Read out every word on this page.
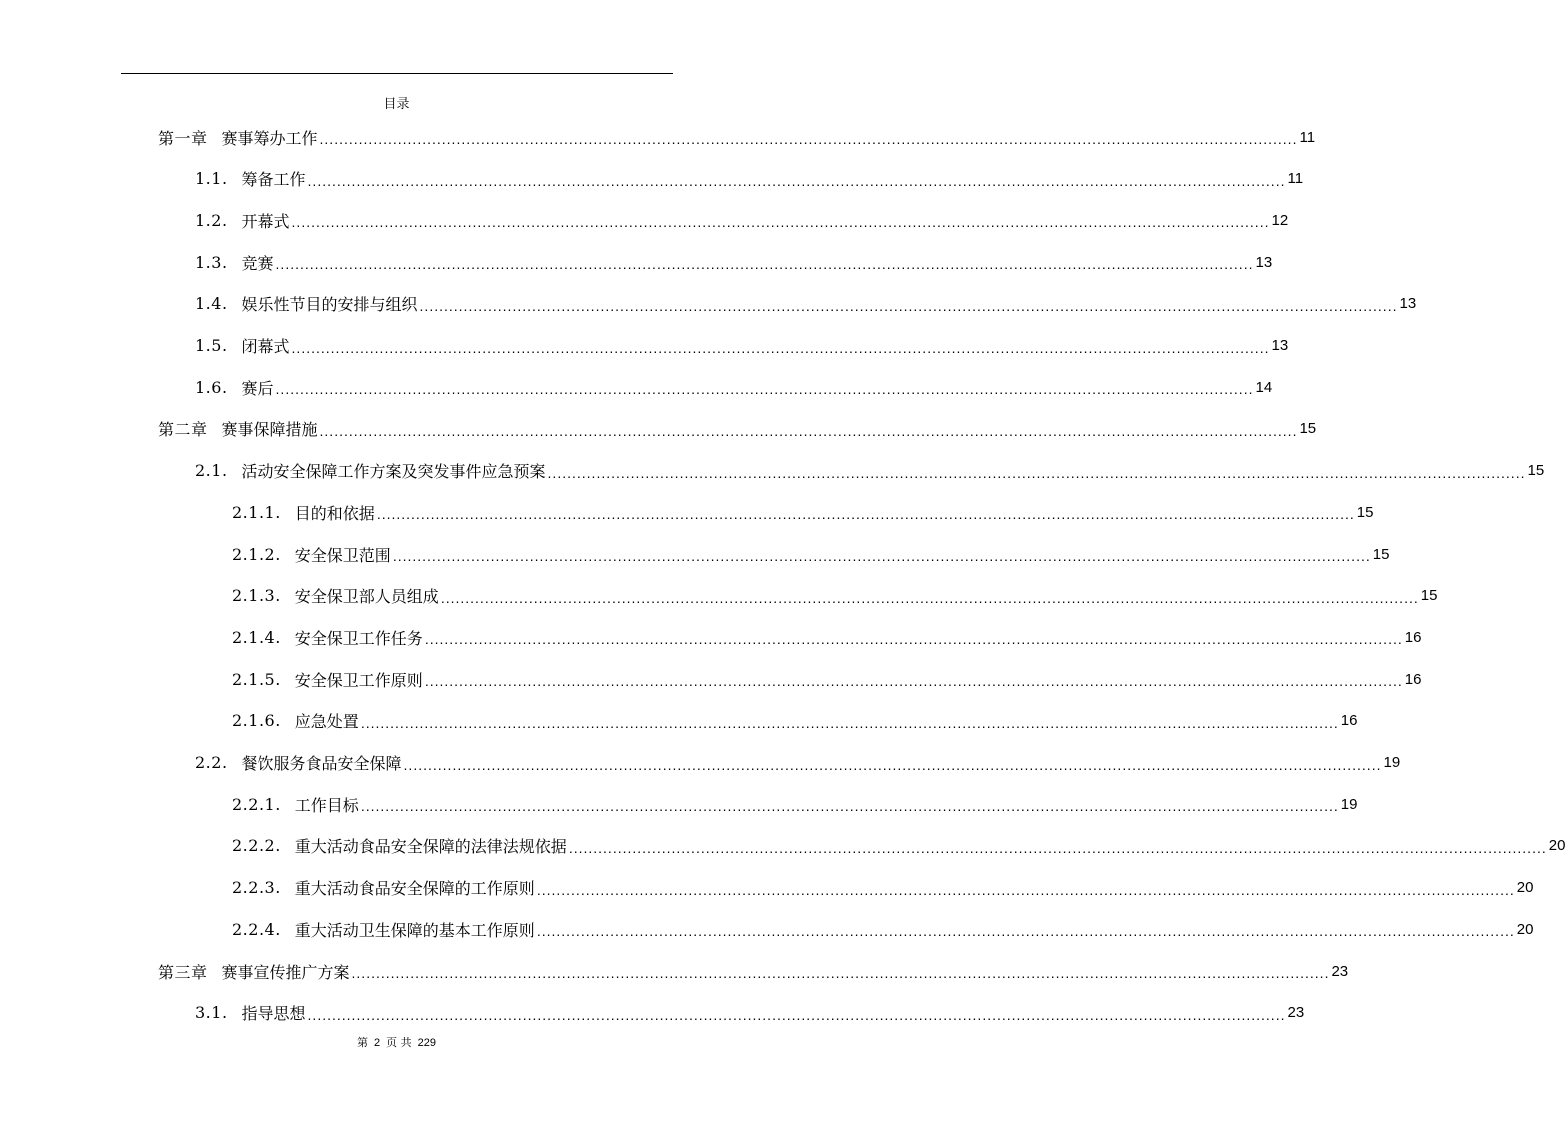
目录
第一章 赛事筹办工作 ........................................................................................................................................................................................................ 11
1.1. 筹备工作 ........................................................................................................................................................................................................ 11
1.2. 开幕式 ........................................................................................................................................................................................................ 12
1.3. 竞赛 ........................................................................................................................................................................................................ 13
1.4. 娱乐性节目的安排与组织 ........................................................................................................................................................................................................ 13
1.5. 闭幕式 ........................................................................................................................................................................................................ 13
1.6. 赛后 ........................................................................................................................................................................................................ 14
第二章 赛事保障措施 ........................................................................................................................................................................................................ 15
2.1. 活动安全保障工作方案及突发事件应急预案 ........................................................................................................................................................................................................ 15
2.1.1. 目的和依据 ........................................................................................................................................................................................................ 15
2.1.2. 安全保卫范围 ........................................................................................................................................................................................................ 15
2.1.3. 安全保卫部人员组成 ........................................................................................................................................................................................................ 15
2.1.4. 安全保卫工作任务 ........................................................................................................................................................................................................ 16
2.1.5. 安全保卫工作原则 ........................................................................................................................................................................................................ 16
2.1.6. 应急处置 ........................................................................................................................................................................................................ 16
2.2. 餐饮服务食品安全保障 ........................................................................................................................................................................................................ 19
2.2.1. 工作目标 ........................................................................................................................................................................................................ 19
2.2.2. 重大活动食品安全保障的法律法规依据 ........................................................................................................................................................................................................ 20
2.2.3. 重大活动食品安全保障的工作原则 ........................................................................................................................................................................................................ 20
2.2.4. 重大活动卫生保障的基本工作原则 ........................................................................................................................................................................................................ 20
第三章 赛事宣传推广方案 ........................................................................................................................................................................................................ 23
3.1. 指导思想 ........................................................................................................................................................................................................ 23
第 2 页 共 229
